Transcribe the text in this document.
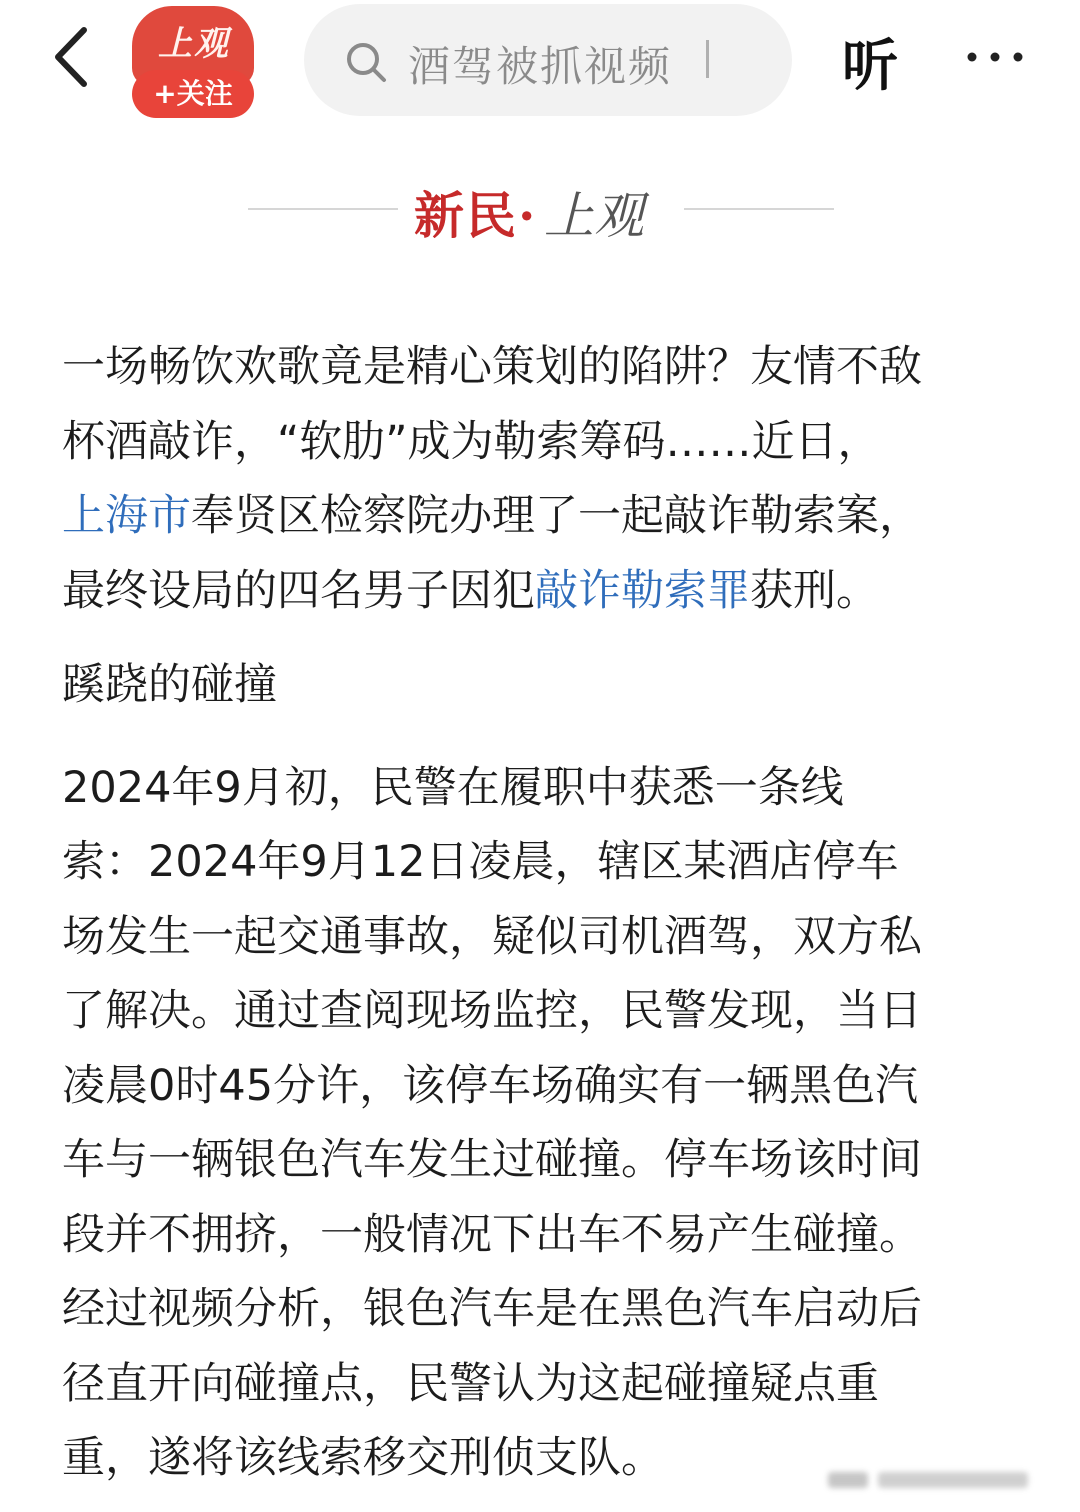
上观
+关注
酒驾被抓视频	听
新民· 上观

一场畅饮欢歌竟是精心策划的陷阱？友情不敌
杯酒敲诈，“软肋”成为勒索筹码……近日，
上海市奉贤区检察院办理了一起敲诈勒索案，
最终设局的四名男子因犯敲诈勒索罪获刑。

蹊跷的碰撞

2024年9月初，民警在履职中获悉一条线
索：2024年9月12日凌晨，辖区某酒店停车
场发生一起交通事故，疑似司机酒驾，双方私
了解决。通过查阅现场监控，民警发现，当日
凌晨0时45分许，该停车场确实有一辆黑色汽
车与一辆银色汽车发生过碰撞。停车场该时间
段并不拥挤，一般情况下出车不易产生碰撞。
经过视频分析，银色汽车是在黑色汽车启动后
径直开向碰撞点，民警认为这起碰撞疑点重
重，遂将该线索移交刑侦支队。
